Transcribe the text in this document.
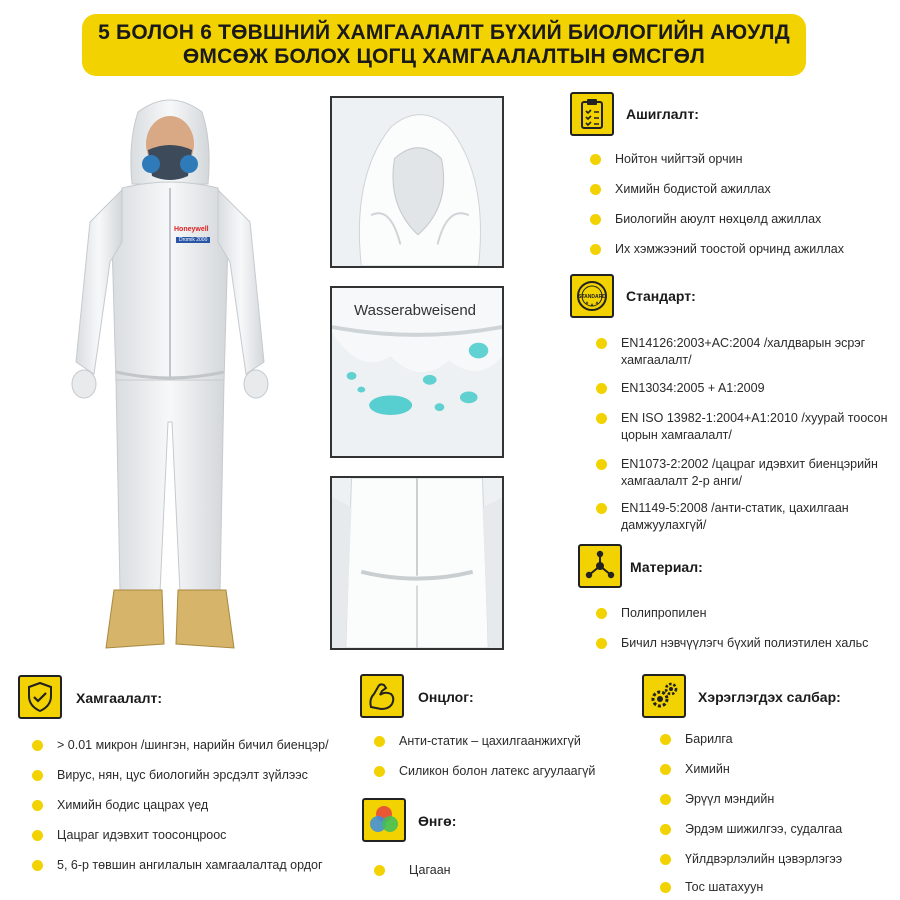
5 БОЛОН 6 ТӨВШНИЙ ХАМГААЛАЛТ БҮХИЙ БИОЛОГИЙН АЮУЛД
ӨМСӨЖ БОЛОХ ЦОГЦ ХАМГААЛАЛТЫН ӨМСГӨЛ
Honeywell
Dromik 2000
Wasserabweisend
Ашиглалт:
Нойтон чийгтэй орчин
Химийн бодистой ажиллах
Биологийн аюулт нөхцөлд ажиллах
Их хэмжээний тоостой орчинд ажиллах
STANDARD Стандарт:
EN14126:2003+AC:2004 /халдварын эсрэг
хамгаалалт/
EN13034:2005 + A1:2009
EN ISO 13982-1:2004+A1:2010 /хуурай тоосон
цорын хамгаалалт/
EN1073-2:2002 /цацраг идэвхит биенцэрийн
хамгаалалт 2-р анги/
EN1149-5:2008 /анти-статик, цахилгаан
дамжуулахгүй/
Материал:
Полипропилен
Бичил нэвчүүлэгч бүхий полиэтилен хальс
Хамгаалалт:
> 0.01 микрон /шингэн, нарийн бичил биенцэр/
Вирус, нян, цус биологийн эрсдэлт зүйлээс
Химийн бодис цацрах үед
Цацраг идэвхит тоосонцроос
5, 6-р төвшин ангилалын хамгаалалтад ордог
Онцлог:
Анти-статик – цахилгаанжихгүй
Силикон болон латекс агуулаагүй
Өнгө:
Цагаан
Хэрэглэгдэх салбар:
Барилга
Химийн
Эрүүл мэндийн
Эрдэм шижилгээ, судалгаа
Үйлдвэрлэлийн цэвэрлэгээ
Тос шатахуун
